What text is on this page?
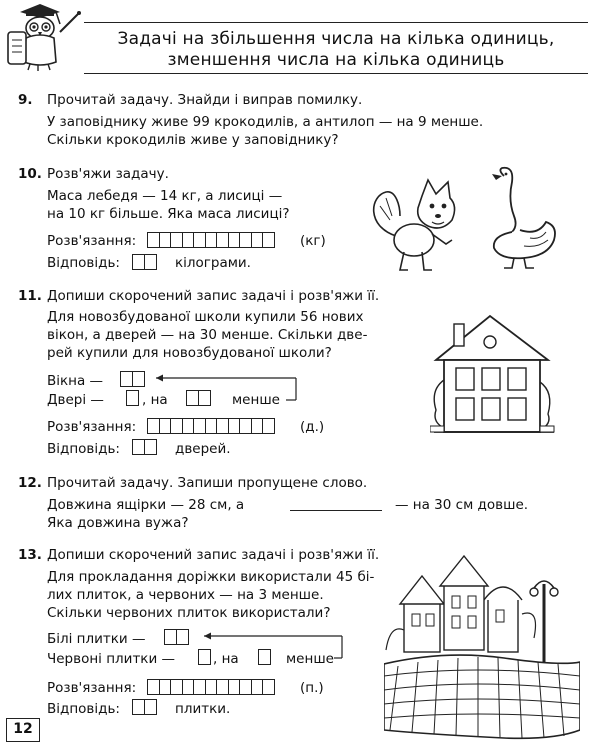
Задачі на збільшення числа на кілька одиниць,
зменшення числа на кілька одиниць
9. Прочитай задачу. Знайди і виправ помилку.
У заповіднику живе 99 крокодилів, а антилоп — на 9 менше.
Скільки крокодилів живе у заповіднику?
10. Розв'яжи задачу.
Маса лебедя — 14 кг, а лисиці —
на 10 кг більше. Яка маса лисиці?
Розв'язання:	(кг)
Відповідь:	кілограми.
11. Допиши скорочений запис задачі і розв'яжи її.
Для новозбудованої школи купили 56 нових
вікон, а дверей — на 30 менше. Скільки две-
рей купили для новозбудованої школи?
Вікна —
Двері —	, на	менше
Розв'язання:	(д.)
Відповідь:	дверей.
12. Прочитай задачу. Запиши пропущене слово.
Довжина ящірки — 28 см, а	— на 30 см довше.
Яка довжина вужа?
13. Допиши скорочений запис задачі і розв'яжи її.
Для прокладання доріжки використали 45 бі-
лих плиток, а червоних — на 3 менше.
Скільки червоних плиток використали?
Білі плитки —
Червоні плитки —	, на	менше
Розв'язання:	(п.)
Відповідь:	плитки.
12
